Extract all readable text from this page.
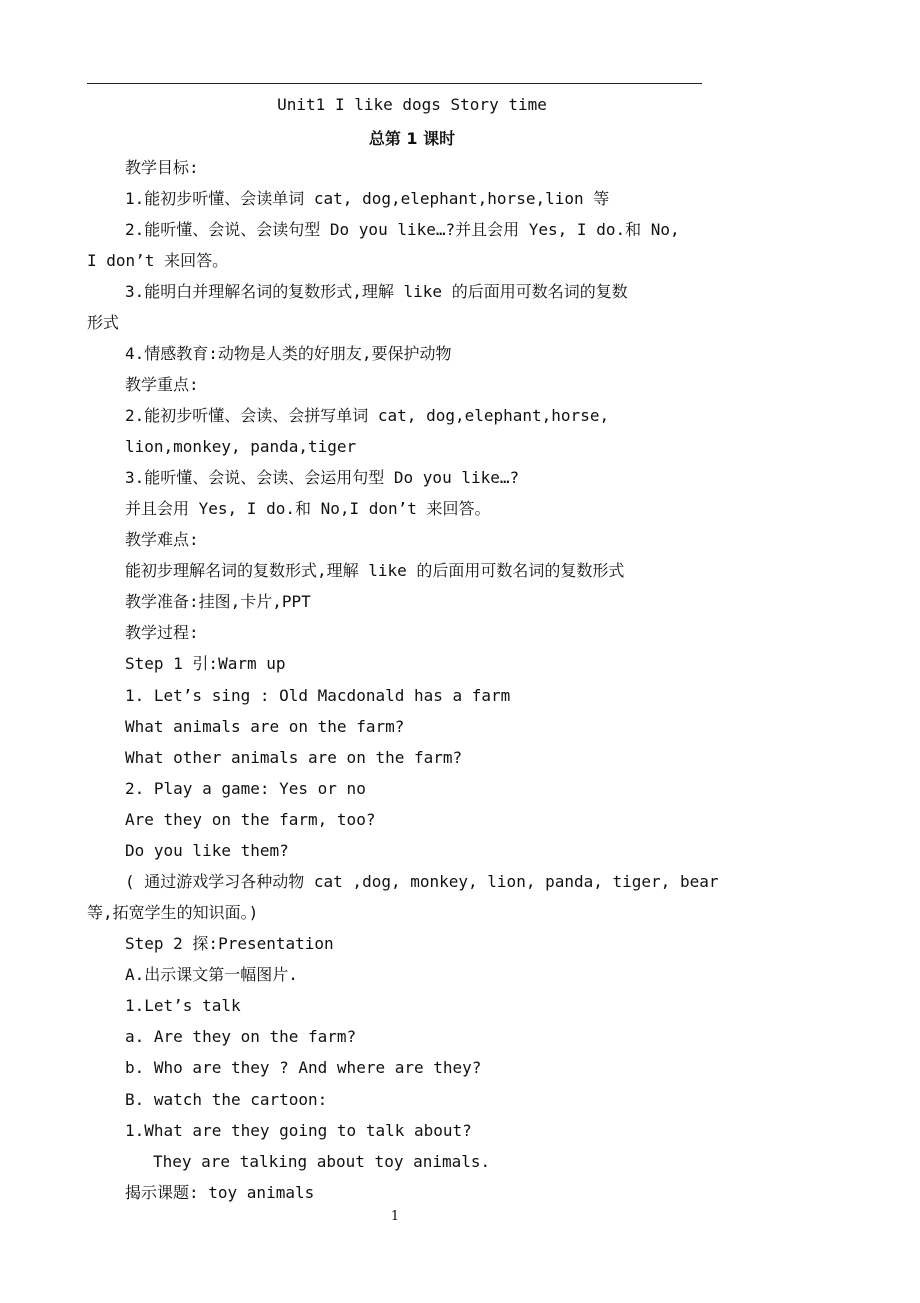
Unit1 I like dogs Story time
总第 1 课时
教学目标:
1.能初步听懂、会读单词 cat, dog,elephant,horse,lion 等
2.能听懂、会说、会读句型 Do you like…?并且会用 Yes, I do.和 No,
I don’t 来回答。
3.能明白并理解名词的复数形式,理解 like 的后面用可数名词的复数
形式
4.情感教育:动物是人类的好朋友,要保护动物
教学重点:
2.能初步听懂、会读、会拼写单词 cat, dog,elephant,horse,
lion,monkey, panda,tiger
3.能听懂、会说、会读、会运用句型 Do you like…?
并且会用 Yes, I do.和 No,I don’t 来回答。
教学难点:
能初步理解名词的复数形式,理解 like 的后面用可数名词的复数形式
教学准备:挂图,卡片,PPT
教学过程:
Step 1 引:Warm up
1. Let’s sing : Old Macdonald has a farm
What animals are on the farm?
What other animals are on the farm?
2. Play a game: Yes or no
Are they on the farm, too?
Do you like them?
( 通过游戏学习各种动物 cat ,dog, monkey, lion, panda, tiger, bear
等,拓宽学生的知识面。)
Step 2 探:Presentation
A.出示课文第一幅图片.
1.Let’s talk
a. Are they on the farm?
b. Who are they ? And where are they?
B. watch the cartoon:
1.What are they going to talk about?
They are talking about toy animals.
揭示课题: toy animals
1
